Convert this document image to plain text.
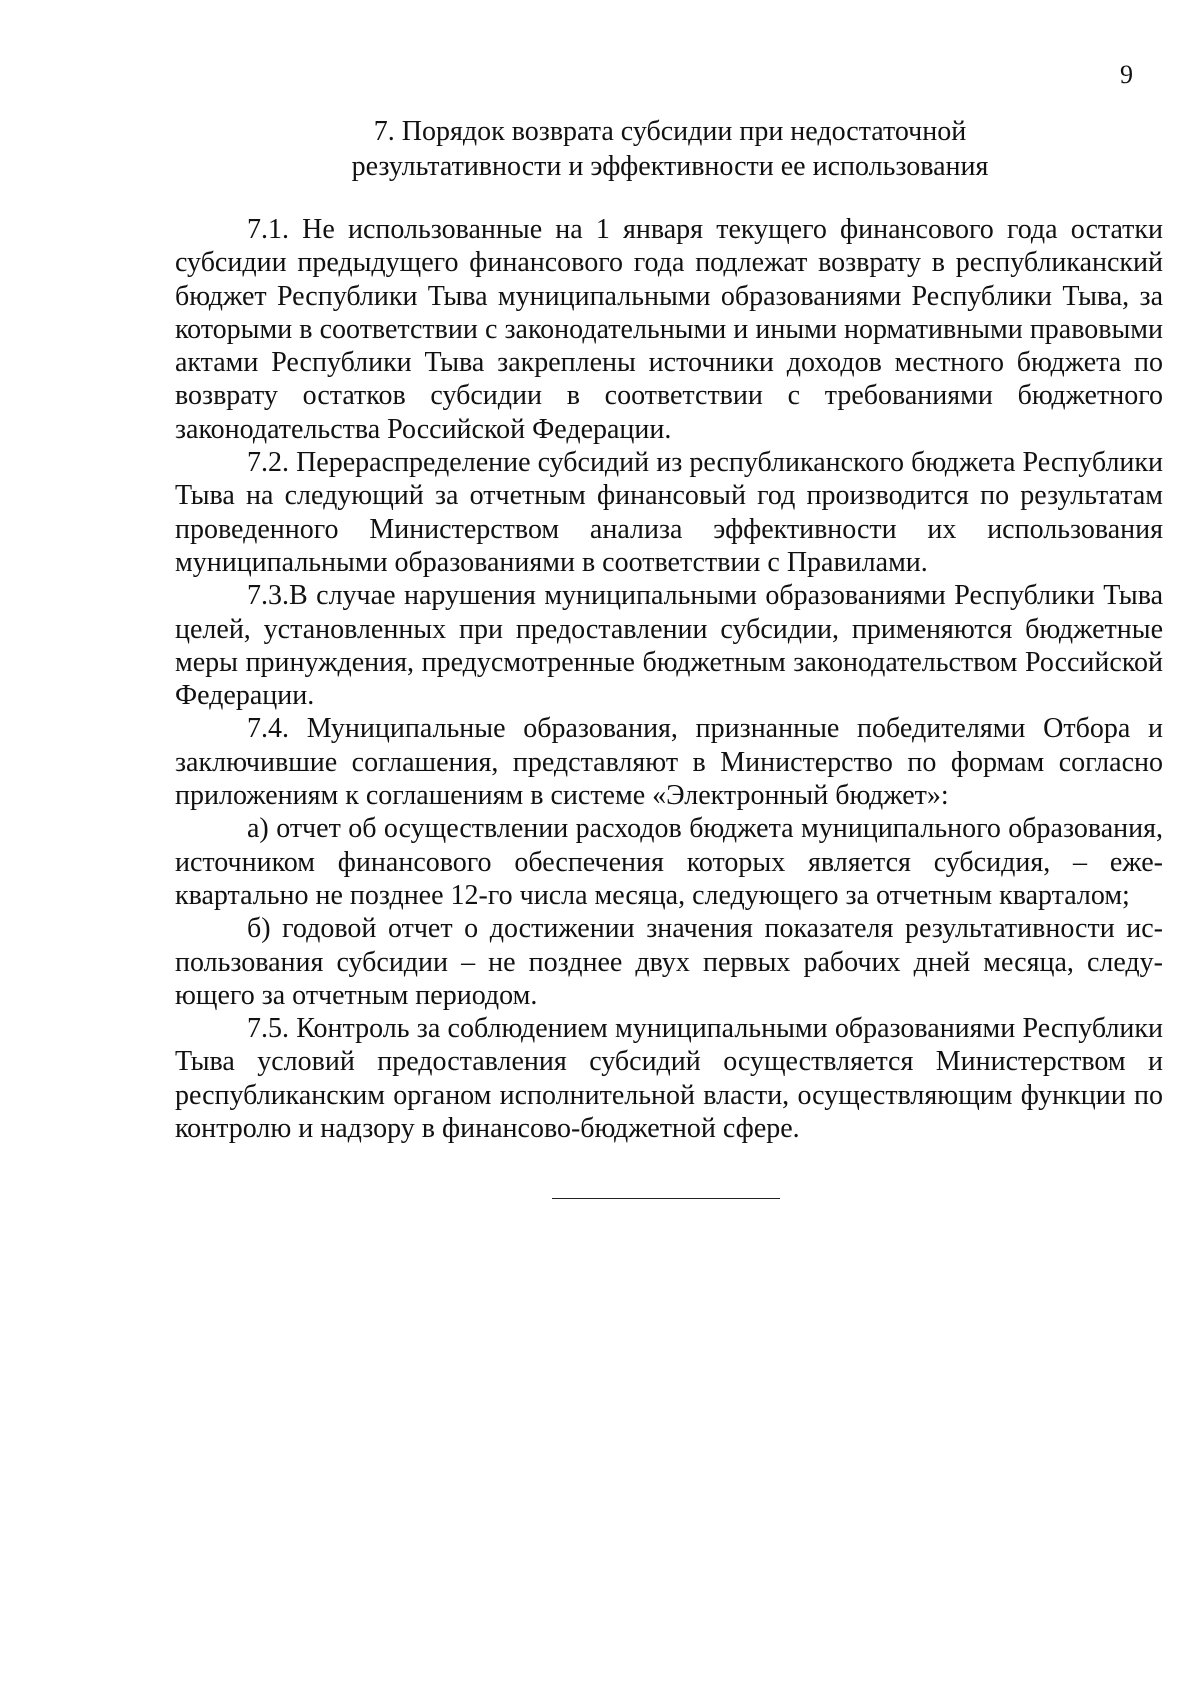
9
7. Порядок возврата субсидии при недостаточной
результативности и эффективности ее использования

7.1. Не использованные на 1 января текущего финансового года остатки субсидии предыдущего финансового года подлежат возврату в республиканский бюджет Республики Тыва муниципальными образованиями Республики Тыва, за которыми в соответствии с законодательными и иными нормативными правовыми актами Республики Тыва закреплены источники доходов местного бюджета по возврату остатков субсидии в соответствии с требованиями бюджетного законодательства Российской Федерации.

7.2. Перераспределение субсидий из республиканского бюджета Республики Тыва на следующий за отчетным финансовый год производится по результатам проведенного Министерством анализа эффективности их использования муниципальными образованиями в соответствии с Правилами.

7.3.В случае нарушения муниципальными образованиями Республики Тыва целей, установленных при предоставлении субсидии, применяются бюджетные меры принуждения, предусмотренные бюджетным законодательством Российской Федерации.

7.4. Муниципальные образования, признанные победителями Отбора и заключившие соглашения, представляют в Министерство по формам согласно приложениям к соглашениям в системе «Электронный бюджет»:

а) отчет об осуществлении расходов бюджета муниципального образования, источником финансового обеспечения которых является субсидия, – ежеквартально не позднее 12-го числа месяца, следующего за отчетным кварталом;

б) годовой отчет о достижении значения показателя результативности использования субсидии – не позднее двух первых рабочих дней месяца, следующего за отчетным периодом.

7.5. Контроль за соблюдением муниципальными образованиями Республики Тыва условий предоставления субсидий осуществляется Министерством и республиканским органом исполнительной власти, осуществляющим функции по контролю и надзору в финансово-бюджетной сфере.
